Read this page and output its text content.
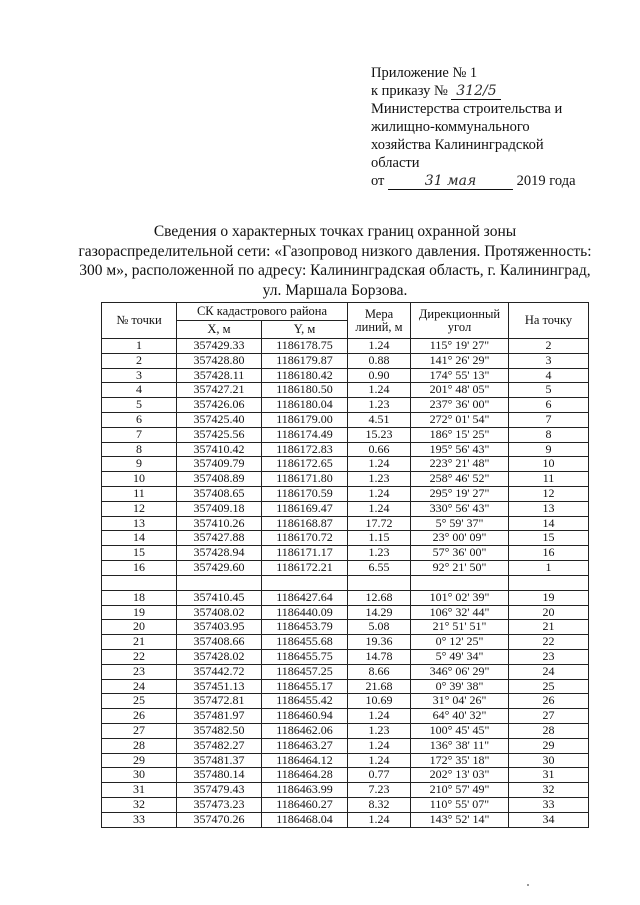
Приложение № 1
к приказу № 312/5
Министерства строительства и
жилищно-коммунального
хозяйства Калининградской
области
от	31 мая	2019 года
Сведения о характерных точках границ охранной зоны
газораспределительной сети: «Газопровод низкого давления. Протяженность:
300 м», расположенной по адресу: Калининградская область, г. Калининград,
ул. Маршала Борзова.
№ точки	СК кадастрового района		Мера линий, м	Дирекционный угол	На точку
	X, м	Y, м			
1	357429.33	1186178.75	1.24	115° 19' 27"	2
2	357428.80	1186179.87	0.88	141° 26' 29"	3
3	357428.11	1186180.42	0.90	174° 55' 13"	4
4	357427.21	1186180.50	1.24	201° 48' 05"	5
5	357426.06	1186180.04	1.23	237° 36' 00"	6
6	357425.40	1186179.00	4.51	272° 01' 54"	7
7	357425.56	1186174.49	15.23	186° 15' 25"	8
8	357410.42	1186172.83	0.66	195° 56' 43"	9
9	357409.79	1186172.65	1.24	223° 21' 48"	10
10	357408.89	1186171.80	1.23	258° 46' 52"	11
11	357408.65	1186170.59	1.24	295° 19' 27"	12
12	357409.18	1186169.47	1.24	330° 56' 43"	13
13	357410.26	1186168.87	17.72	5° 59' 37"	14
14	357427.88	1186170.72	1.15	23° 00' 09"	15
15	357428.94	1186171.17	1.23	57° 36' 00"	16
16	357429.60	1186172.21	6.55	92° 21' 50"	1

18	357410.45	1186427.64	12.68	101° 02' 39"	19
19	357408.02	1186440.09	14.29	106° 32' 44"	20
20	357403.95	1186453.79	5.08	21° 51' 51"	21
21	357408.66	1186455.68	19.36	0° 12' 25"	22
22	357428.02	1186455.75	14.78	5° 49' 34"	23
23	357442.72	1186457.25	8.66	346° 06' 29"	24
24	357451.13	1186455.17	21.68	0° 39' 38"	25
25	357472.81	1186455.42	10.69	31° 04' 26"	26
26	357481.97	1186460.94	1.24	64° 40' 32"	27
27	357482.50	1186462.06	1.23	100° 45' 45"	28
28	357482.27	1186463.27	1.24	136° 38' 11"	29
29	357481.37	1186464.12	1.24	172° 35' 18"	30
30	357480.14	1186464.28	0.77	202° 13' 03"	31
31	357479.43	1186463.99	7.23	210° 57' 49"	32
32	357473.23	1186460.27	8.32	110° 55' 07"	33
33	357470.26	1186468.04	1.24	143° 52' 14"	34
